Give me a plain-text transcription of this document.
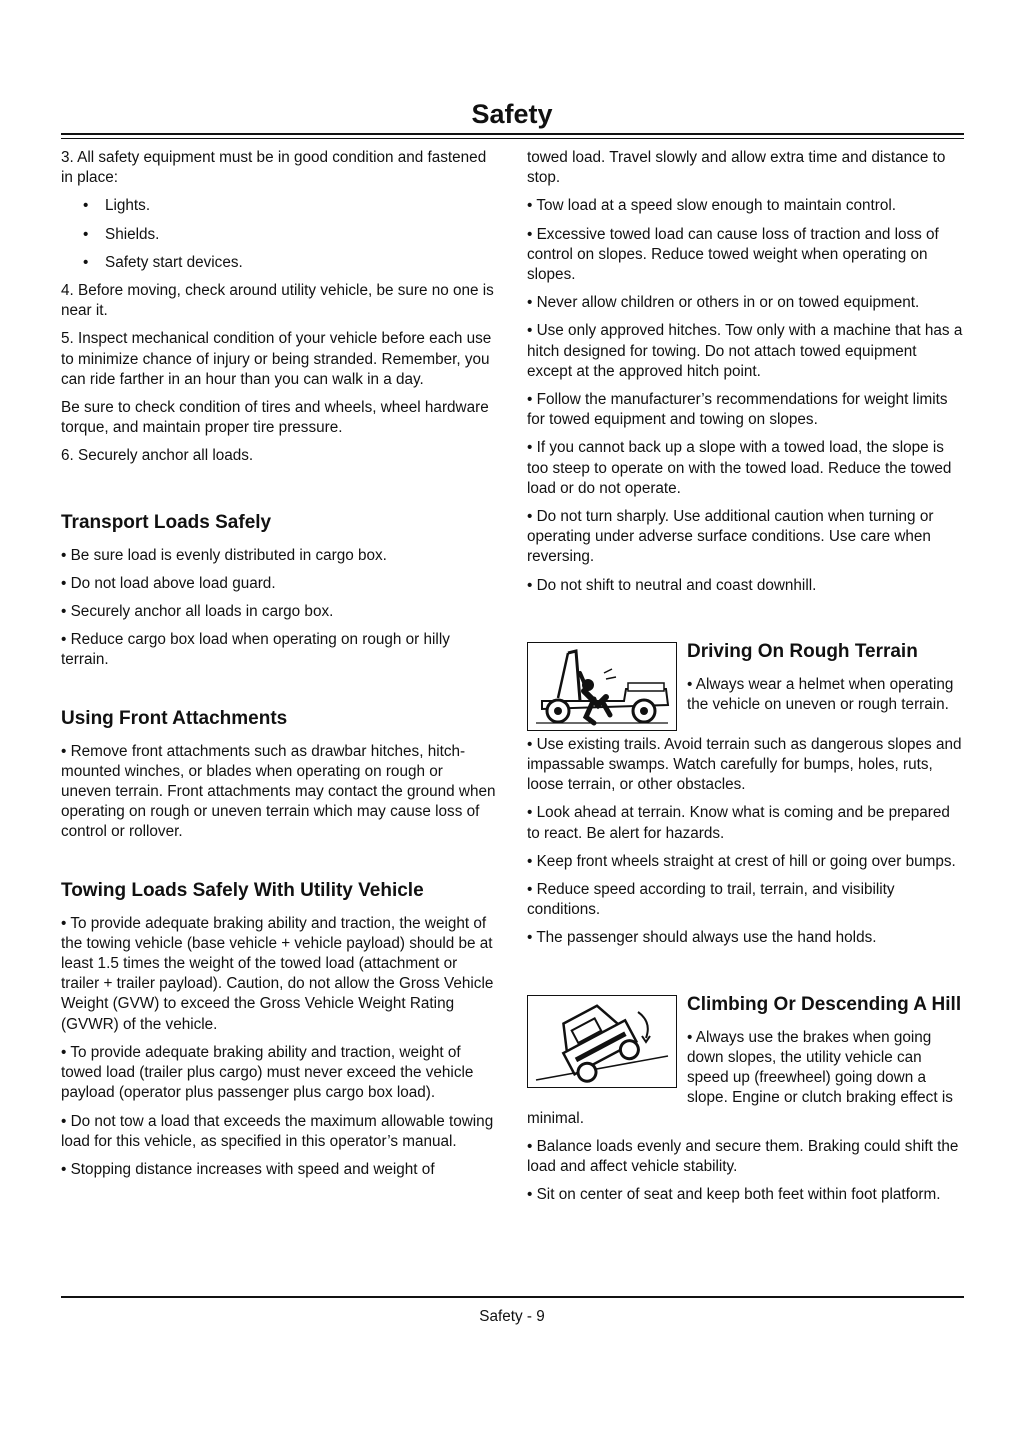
Safety

3. All safety equipment must be in good condition and fastened in place:

• Lights.

• Shields.

• Safety start devices.

4. Before moving, check around utility vehicle, be sure no one is near it.

5. Inspect mechanical condition of your vehicle before each use to minimize chance of injury or being stranded. Remember, you can ride farther in an hour than you can walk in a day.

Be sure to check condition of tires and wheels, wheel hardware torque, and maintain proper tire pressure.

6. Securely anchor all loads.

Transport Loads Safely

• Be sure load is evenly distributed in cargo box.

• Do not load above load guard.

• Securely anchor all loads in cargo box.

• Reduce cargo box load when operating on rough or hilly terrain.

Using Front Attachments

• Remove front attachments such as drawbar hitches, hitch-mounted winches, or blades when operating on rough or uneven terrain. Front attachments may contact the ground when operating on rough or uneven terrain which may cause loss of control or rollover.

Towing Loads Safely With Utility Vehicle

• To provide adequate braking ability and traction, the weight of the towing vehicle (base vehicle + vehicle payload) should be at least 1.5 times the weight of the towed load (attachment or trailer + trailer payload). Caution, do not allow the Gross Vehicle Weight (GVW) to exceed the Gross Vehicle Weight Rating (GVWR) of the vehicle.

• To provide adequate braking ability and traction, weight of towed load (trailer plus cargo) must never exceed the vehicle payload (operator plus passenger plus cargo box load).

• Do not tow a load that exceeds the maximum allowable towing load for this vehicle, as specified in this operator’s manual.

• Stopping distance increases with speed and weight of

towed load. Travel slowly and allow extra time and distance to stop.

• Tow load at a speed slow enough to maintain control.

• Excessive towed load can cause loss of traction and loss of control on slopes. Reduce towed weight when operating on slopes.

• Never allow children or others in or on towed equipment.

• Use only approved hitches. Tow only with a machine that has a hitch designed for towing. Do not attach towed equipment except at the approved hitch point.

• Follow the manufacturer’s recommendations for weight limits for towed equipment and towing on slopes.

• If you cannot back up a slope with a towed load, the slope is too steep to operate on with the towed load. Reduce the towed load or do not operate.

• Do not turn sharply. Use additional caution when turning or operating under adverse surface conditions. Use care when reversing.

• Do not shift to neutral and coast downhill.

Driving On Rough Terrain

• Always wear a helmet when operating the vehicle on uneven or rough terrain.

• Use existing trails. Avoid terrain such as dangerous slopes and impassable swamps. Watch carefully for bumps, holes, ruts, loose terrain, or other obstacles.

• Look ahead at terrain. Know what is coming and be prepared to react. Be alert for hazards.

• Keep front wheels straight at crest of hill or going over bumps.

• Reduce speed according to trail, terrain, and visibility conditions.

• The passenger should always use the hand holds.

Climbing Or Descending A Hill

• Always use the brakes when going down slopes, the utility vehicle can speed up (freewheel) going down a slope. Engine or clutch braking effect is minimal.

• Balance loads evenly and secure them. Braking could shift the load and affect vehicle stability.

• Sit on center of seat and keep both feet within foot platform.

Safety - 9
